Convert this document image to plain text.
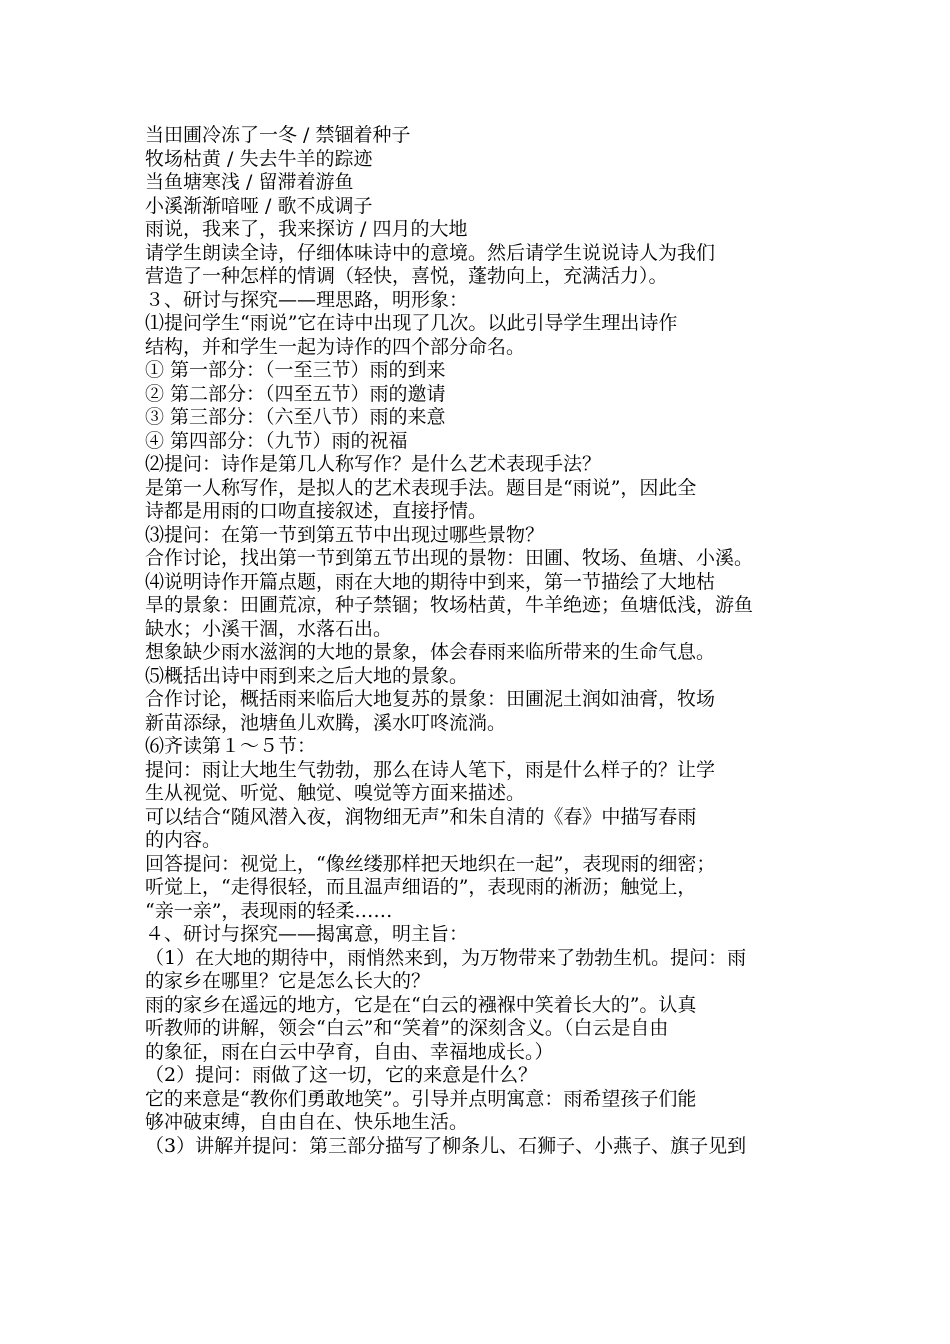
当田圃冷冻了一冬 / 禁锢着种子
牧场枯黄 / 失去牛羊的踪迹
当鱼塘寒浅 / 留滞着游鱼
小溪渐渐喑哑 / 歌不成调子
雨说，我来了，我来探访 / 四月的大地
请学生朗读全诗，仔细体味诗中的意境。然后请学生说说诗人为我们
营造了一种怎样的情调（轻快，喜悦，蓬勃向上，充满活力）。
３、研讨与探究——理思路，明形象：
⑴提问学生“雨说”它在诗中出现了几次。以此引导学生理出诗作
结构，并和学生一起为诗作的四个部分命名。
① 第一部分：（一至三节）雨的到来
② 第二部分：（四至五节）雨的邀请
③ 第三部分：（六至八节）雨的来意
④ 第四部分：（九节）雨的祝福
⑵提问：诗作是第几人称写作？是什么艺术表现手法？
是第一人称写作，是拟人的艺术表现手法。题目是“雨说”，因此全
诗都是用雨的口吻直接叙述，直接抒情。
⑶提问：在第一节到第五节中出现过哪些景物？
合作讨论，找出第一节到第五节出现的景物：田圃、牧场、鱼塘、小溪。
⑷说明诗作开篇点题，雨在大地的期待中到来，第一节描绘了大地枯
旱的景象：田圃荒凉，种子禁锢；牧场枯黄，牛羊绝迹；鱼塘低浅，游鱼
缺水；小溪干涸，水落石出。
想象缺少雨水滋润的大地的景象，体会春雨来临所带来的生命气息。
⑸概括出诗中雨到来之后大地的景象。
合作讨论，概括雨来临后大地复苏的景象：田圃泥土润如油膏，牧场
新苗添绿，池塘鱼儿欢腾，溪水叮咚流淌。
⑹齐读第１～５节：
提问：雨让大地生气勃勃，那么在诗人笔下，雨是什么样子的？让学
生从视觉、听觉、触觉、嗅觉等方面来描述。
可以结合“随风潜入夜，润物细无声”和朱自清的《春》中描写春雨
的内容。
回答提问：视觉上，“像丝缕那样把天地织在一起”，表现雨的细密；
听觉上，“走得很轻，而且温声细语的”，表现雨的淅沥；触觉上，
“亲一亲”，表现雨的轻柔……
４、研讨与探究——揭寓意，明主旨：
（1）在大地的期待中，雨悄然来到，为万物带来了勃勃生机。提问：雨
的家乡在哪里？它是怎么长大的？
雨的家乡在遥远的地方，它是在“白云的襁褓中笑着长大的”。认真
听教师的讲解，领会“白云”和“笑着”的深刻含义。（白云是自由
的象征，雨在白云中孕育，自由、幸福地成长。）
（2）提问：雨做了这一切，它的来意是什么？
它的来意是“教你们勇敢地笑”。引导并点明寓意：雨希望孩子们能
够冲破束缚，自由自在、快乐地生活。
（3）讲解并提问：第三部分描写了柳条儿、石狮子、小燕子、旗子见到
